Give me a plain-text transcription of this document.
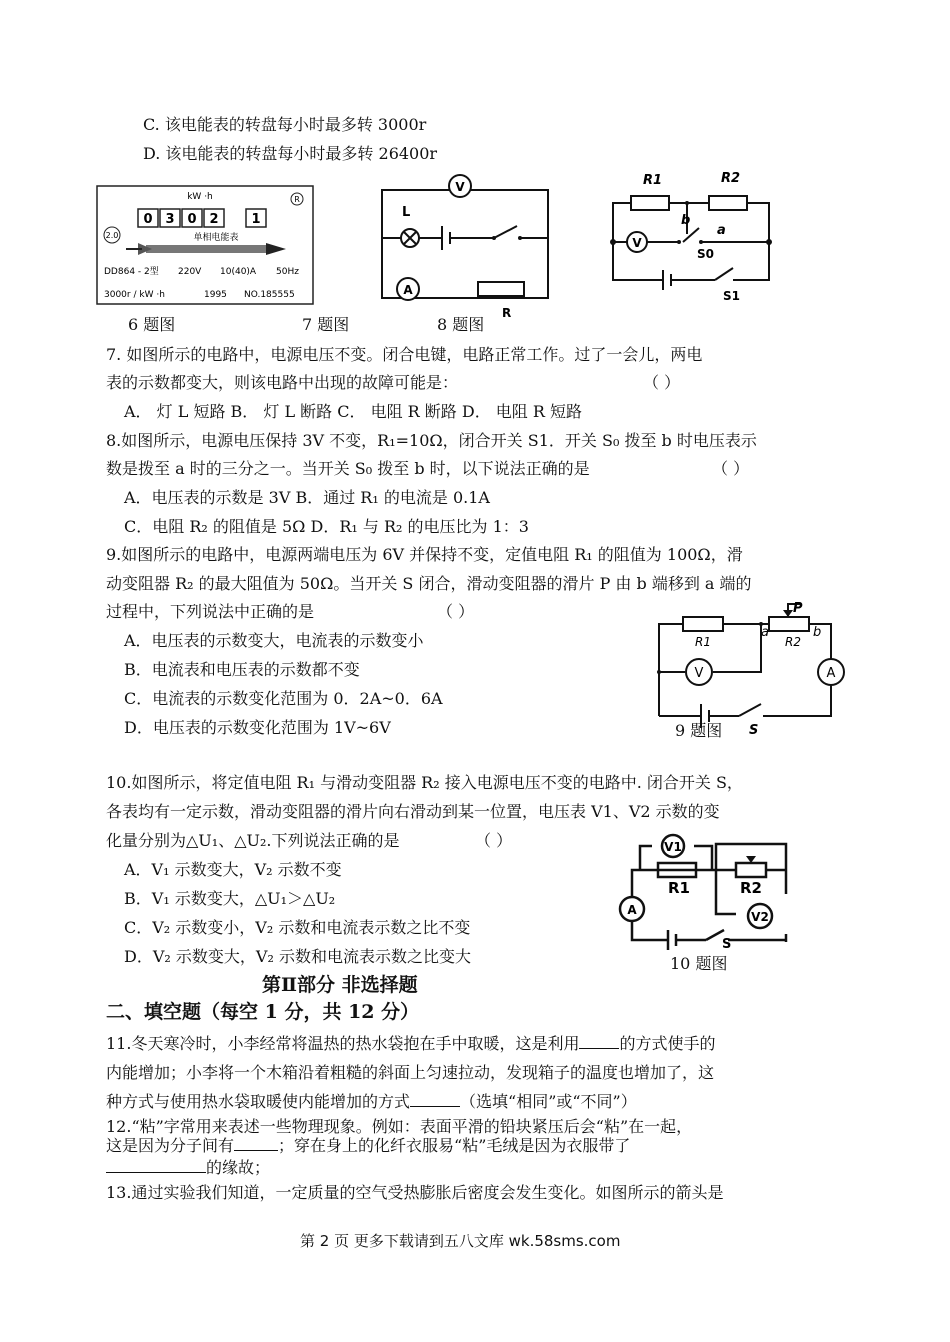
C. 该电能表的转盘每小时最多转 3000r
D. 该电能表的转盘每小时最多转 26400r
kW ·h	R
0 3 0 2	1
2.0	单相电能表
DD864 - 2型 220V 10(40)A 50Hz
3000r / kW ·h	1995 NO.185555
V
L
A
R
R1	R2
V
b
a
S0
S1
6 题图	7 题图	8 题图
7. 如图所示的电路中，电源电压不变。闭合电键，电路正常工作。过了一会儿，两电
表的示数都变大，则该电路中出现的故障可能是：	（ ）
A． 灯 L 短路 B． 灯 L 断路 C． 电阻 R 断路 D． 电阻 R 短路
8.如图所示，电源电压保持 3V 不变，R₁=10Ω，闭合开关 S1．开关 S₀ 拨至 b 时电压表示
数是拨至 a 时的三分之一。当开关 S₀ 拨至 b 时，以下说法正确的是	（ ）
A．电压表的示数是 3V B．通过 R₁ 的电流是 0.1A
C．电阻 R₂ 的阻值是 5Ω D．R₁ 与 R₂ 的电压比为 1：3
9.如图所示的电路中，电源两端电压为 6V 并保持不变，定值电阻 R₁ 的阻值为 100Ω，滑
动变阻器 R₂ 的最大阻值为 50Ω。当开关 S 闭合，滑动变阻器的滑片 P 由 b 端移到 a 端的
过程中，下列说法中正确的是	（ ）
A．电压表的示数变大，电流表的示数变小
B．电流表和电压表的示数都不变
C．电流表的示数变化范围为 0．2A~0．6A
D．电压表的示数变化范围为 1V~6V
P
R1
a
R2
b
V	A
S
9 题图
10.如图所示，将定值电阻 R₁ 与滑动变阻器 R₂ 接入电源电压不变的电路中. 闭合开关 S，
各表均有一定示数，滑动变阻器的滑片向右滑动到某一位置，电压表 V1、V2 示数的变
化量分别为△U₁、△U₂.下列说法正确的是	（ ）
A．V₁ 示数变大，V₂ 示数不变
B．V₁ 示数变大，△U₁＞△U₂
C．V₂ 示数变小，V₂ 示数和电流表示数之比不变
D．V₂ 示数变大，V₂ 示数和电流表示数之比变大
V1
R1	R2
V2
A
S
10 题图
第Ⅱ部分 非选择题
二、填空题（每空 1 分，共 12 分）
11.冬天寒冷时，小李经常将温热的热水袋抱在手中取暖，这是利用	的方式使手的
内能增加；小李将一个木箱沿着粗糙的斜面上匀速拉动，发现箱子的温度也增加了，这
种方式与使用热水袋取暖使内能增加的方式	（选填“相同”或“不同”）
12.“粘”字常用来表述一些物理现象。例如：表面平滑的铅块紧压后会“粘”在一起，
这是因为分子间有	；穿在身上的化纤衣服易“粘”毛绒是因为衣服带了
的缘故；
13.通过实验我们知道，一定质量的空气受热膨胀后密度会发生变化。如图所示的箭头是
第 2 页 更多下载请到五八文库 wk.58sms.com
